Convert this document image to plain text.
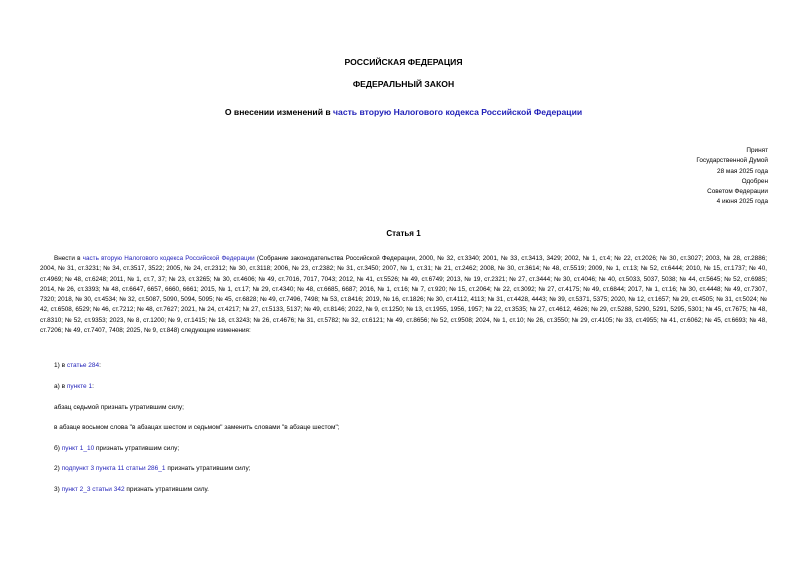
РОССИЙСКАЯ ФЕДЕРАЦИЯ
ФЕДЕРАЛЬНЫЙ ЗАКОН
О внесении изменений в часть вторую Налогового кодекса Российской Федерации
Принят
Государственной Думой
28 мая 2025 года
Одобрен
Советом Федерации
4 июня 2025 года
Статья 1
Внести в часть вторую Налогового кодекса Российской Федерации (Собрание законодательства Российской Федерации, 2000, № 32, ст.3340; 2001, № 33, ст.3413, 3429; 2002, № 1, ст.4; № 22, ст.2026; № 30, ст.3027; 2003, № 28, ст.2886; 2004, № 31, ст.3231; № 34, ст.3517, 3522; 2005, № 24, ст.2312; № 30, ст.3118; 2006, № 23, ст.2382; № 31, ст.3450; 2007, № 1, ст.31; № 21, ст.2462; 2008, № 30, ст.3614; № 48, ст.5519; 2009, № 1, ст.13; № 52, ст.6444; 2010, № 15, ст.1737; № 40, ст.4969; № 48, ст.6248; 2011, № 1, ст.7, 37; № 23, ст.3265; № 30, ст.4606; № 49, ст.7016, 7017, 7043; 2012, № 41, ст.5526; № 49, ст.6749; 2013, № 19, ст.2321; № 27, ст.3444; № 30, ст.4046; № 40, ст.5033, 5037, 5038; № 44, ст.5645; № 52, ст.6985; 2014, № 26, ст.3393; № 48, ст.6647, 6657, 6660, 6661; 2015, № 1, ст.17; № 29, ст.4340; № 48, ст.6685, 6687; 2016, № 1, ст.16; № 7, ст.920; № 15, ст.2064; № 22, ст.3092; № 27, ст.4175; № 49, ст.6844; 2017, № 1, ст.16; № 30, ст.4448; № 49, ст.7307, 7320; 2018, № 30, ст.4534; № 32, ст.5087, 5090, 5094, 5095; № 45, ст.6828; № 49, ст.7496, 7498; № 53, ст.8416; 2019, № 16, ст.1826; № 30, ст.4112, 4113; № 31, ст.4428, 4443; № 39, ст.5371, 5375; 2020, № 12, ст.1657; № 29, ст.4505; № 31, ст.5024; № 42, ст.6508, 6529; № 46, ст.7212; № 48, ст.7627; 2021, № 24, ст.4217; № 27, ст.5133, 5137; № 49, ст.8146; 2022, № 9, ст.1250; № 13, ст.1955, 1956, 1957; № 22, ст.3535; № 27, ст.4612, 4626; № 29, ст.5288, 5290, 5291, 5295, 5301; № 45, ст.7675; № 48, ст.8310; № 52, ст.9353; 2023, № 8, ст.1200; № 9, ст.1415; № 18, ст.3243; № 26, ст.4676; № 31, ст.5782; № 32, ст.6121; № 49, ст.8656; № 52, ст.9508; 2024, № 1, ст.10; № 26, ст.3550; № 29, ст.4105; № 33, ст.4955; № 41, ст.6062; № 45, ст.6693; № 48, ст.7206; № 49, ст.7407, 7408; 2025, № 9, ст.848) следующие изменения:
1) в статье 284:
а) в пункте 1:
абзац седьмой признать утратившим силу;
в абзаце восьмом слова "в абзацах шестом и седьмом" заменить словами "в абзаце шестом";
б) пункт 1_10 признать утратившим силу;
2) подпункт 3 пункта 11 статьи 286_1 признать утратившим силу;
3) пункт 2_3 статьи 342 признать утратившим силу.
